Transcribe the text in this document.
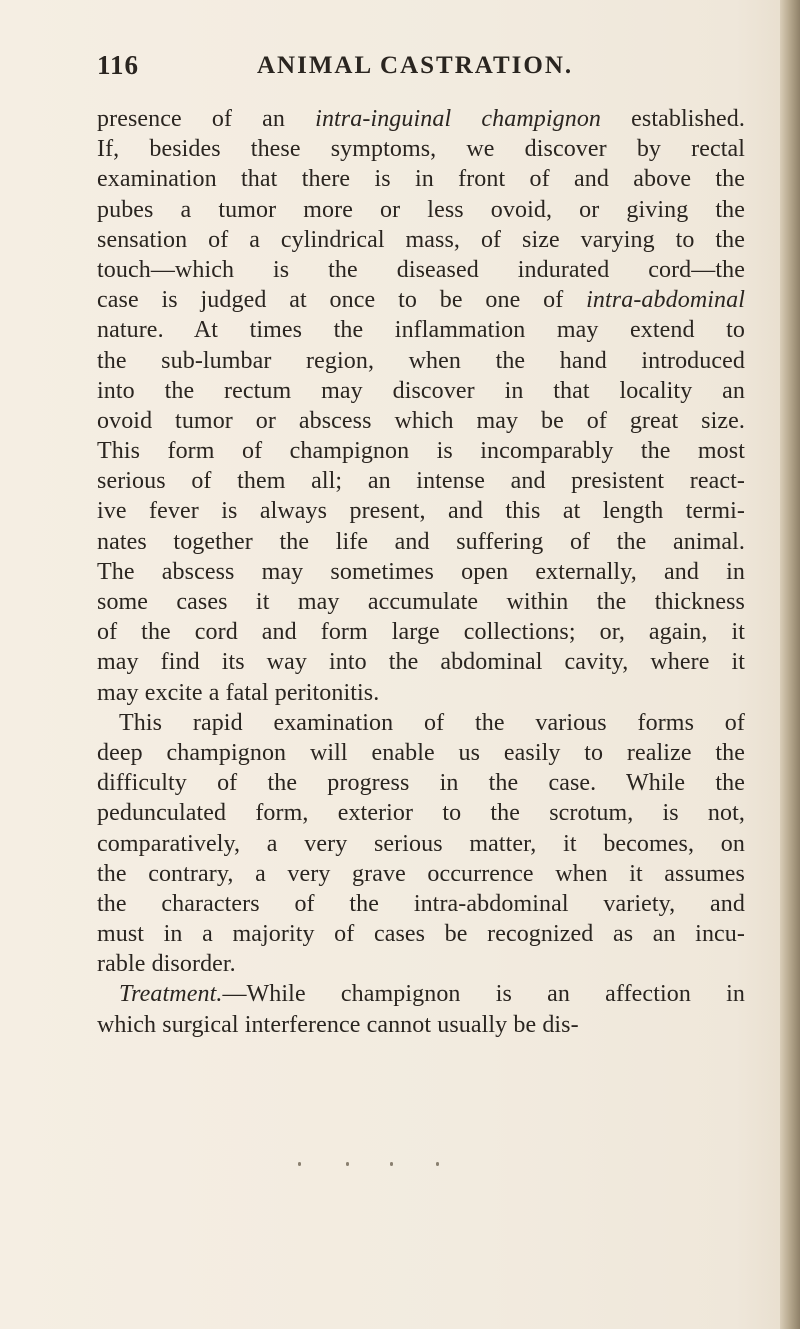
116	ANIMAL CASTRATION.
presence of an intra-inguinal champignon established.
If, besides these symptoms, we discover by rectal
examination that there is in front of and above the
pubes a tumor more or less ovoid, or giving the
sensation of a cylindrical mass, of size varying to the
touch—which is the diseased indurated cord—the
case is judged at once to be one of intra-abdominal
nature. At times the inflammation may extend to
the sub-lumbar region, when the hand introduced
into the rectum may discover in that locality an
ovoid tumor or abscess which may be of great size.
This form of champignon is incomparably the most
serious of them all; an intense and presistent react-
ive fever is always present, and this at length termi-
nates together the life and suffering of the animal.
The abscess may sometimes open externally, and in
some cases it may accumulate within the thickness
of the cord and form large collections; or, again, it
may find its way into the abdominal cavity, where it
may excite a fatal peritonitis.
This rapid examination of the various forms of
deep champignon will enable us easily to realize the
difficulty of the progress in the case. While the
pedunculated form, exterior to the scrotum, is not,
comparatively, a very serious matter, it becomes, on
the contrary, a very grave occurrence when it assumes
the characters of the intra-abdominal variety, and
must in a majority of cases be recognized as an incu-
rable disorder.
Treatment.—While champignon is an affection in
which surgical interference cannot usually be dis-
